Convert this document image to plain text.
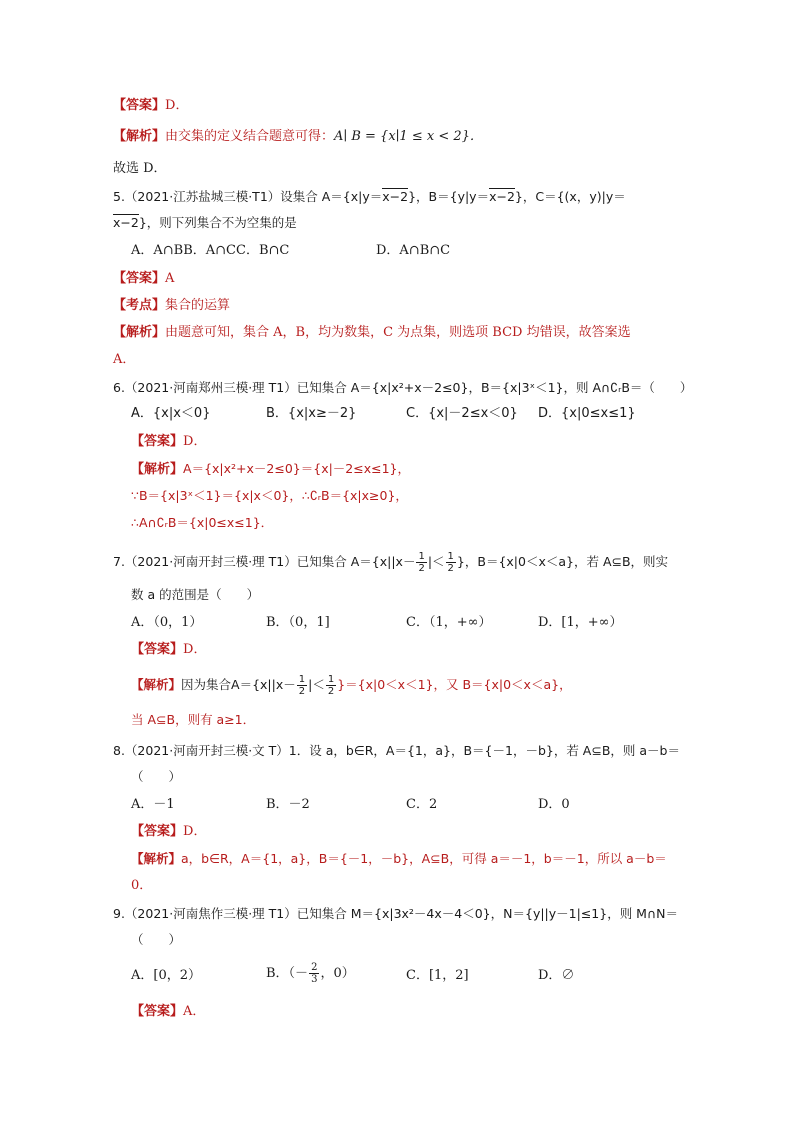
【答案】D．
【解析】由交集的定义结合题意可得：A∣ B = {x∣1 ≤ x < 2}．
故选 D．
5.（2021·江苏盐城三模·T1）设集合 A＝{x|y＝x−2}，B＝{y|y＝x−2}，C＝{(x，y)|y＝
x−2}，则下列集合不为空集的是
A．A∩BB．A∩CC．B∩C	D．A∩B∩C
【答案】A
【考点】集合的运算
【解析】由题意可知，集合 A，B，均为数集，C 为点集，则选项 BCD 均错误，故答案选
A．
6.（2021·河南郑州三模·理 T1）已知集合 A＝{x|x²+x－2≤0}，B＝{x|3ˣ＜1}，则 A∩∁ᵣB＝（　　）
A．{x|x＜0}	B．{x|x≥－2}	C．{x|－2≤x＜0} D．{x|0≤x≤1}
【答案】D．
【解析】A＝{x|x²+x－2≤0}＝{x|－2≤x≤1}，
∵B＝{x|3ˣ＜1}＝{x|x＜0}，∴∁ᵣB＝{x|x≥0}，
∴A∩∁ᵣB＝{x|0≤x≤1}．
7.（2021·河南开封三模·理 T1）已知集合 $A=\{x||x- \frac{1}{2}$ |＜ $\frac{1}{2}$ }，B＝{x|0＜x＜a}，若 A⊆B，则实
数 a 的范围是（　　）
A．（0，1）	B．（0，1]	C．（1，+∞）	D．[1，+∞）
【答案】D．
【解析】因为集合$A=\{x||x- \frac{1}{2}$ |＜ $\frac{1}{2} \}=\{x|0<x<1\}$，又 B＝{x|0＜x＜a}，
当 A⊆B，则有 a≥1．
8.（2021·河南开封三模·文 T）1．设 a，b∈R，A＝{1，a}，B＝{－1，－b}，若 A⊆B，则 a－b＝
（　　）
A．－1	B．－2	C．2	D．0
【答案】D．
【解析】a，b∈R，A＝{1，a}，B＝{－1，－b}，A⊆B，可得 a＝－1，b＝－1，所以 a－b＝
0．
9.（2021·河南焦作三模·理 T1）已知集合 M＝{x|3x²－4x－4＜0}，N＝{y||y－1|≤1}，则 M∩N＝
（　　）
A．[0，2）	B．（－ $\frac{2}{3}$ ，0）	C．[1，2]	D．∅
【答案】A．
